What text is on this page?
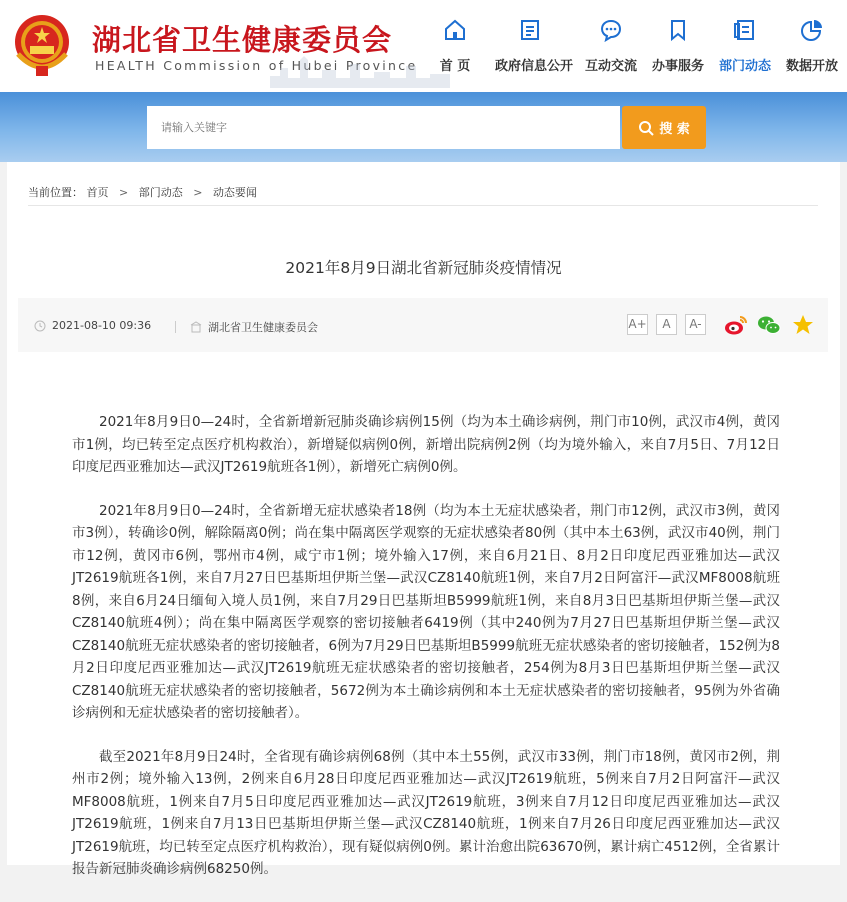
湖北省卫生健康委员会
HEALTH Commission of Hubei Province	首 页	政府信息公开 互动交流	办事服务	部门动态	数据开放
请输入关键字
搜 索
当前位置： 首页 > 部门动态 > 动态要闻
2021年8月9日湖北省新冠肺炎疫情情况
2021-08-10 09:36	湖北省卫生健康委员会	A+	A	A-

2021年8月9日0—24时，全省新增新冠肺炎确诊病例15例（均为本土确诊病例，荆门市10例，武汉市4例，黄冈市1例，均已转至定点医疗机构救治），新增疑似病例0例，新增出院病例2例（均为境外输入，来自7月5日、7月12日印度尼西亚雅加达—武汉JT2619航班各1例），新增死亡病例0例。

2021年8月9日0—24时，全省新增无症状感染者18例（均为本土无症状感染者，荆门市12例，武汉市3例，黄冈市3例），转确诊0例，解除隔离0例；尚在集中隔离医学观察的无症状感染者80例（其中本土63例，武汉市40例，荆门市12例，黄冈市6例，鄂州市4例，咸宁市1例；境外输入17例，来自6月21日、8月2日印度尼西亚雅加达—武汉JT2619航班各1例，来自7月27日巴基斯坦伊斯兰堡—武汉CZ8140航班1例，来自7月2日阿富汗—武汉MF8008航班8例，来自6月24日缅甸入境人员1例，来自7月29日巴基斯坦B5999航班1例，来自8月3日巴基斯坦伊斯兰堡—武汉CZ8140航班4例）；尚在集中隔离医学观察的密切接触者6419例（其中240例为7月27日巴基斯坦伊斯兰堡—武汉CZ8140航班无症状感染者的密切接触者，6例为7月29日巴基斯坦B5999航班无症状感染者的密切接触者，152例为8月2日印度尼西亚雅加达—武汉JT2619航班无症状感染者的密切接触者，254例为8月3日巴基斯坦伊斯兰堡—武汉CZ8140航班无症状感染者的密切接触者，5672例为本土确诊病例和本土无症状感染者的密切接触者，95例为外省确诊病例和无症状感染者的密切接触者）。

截至2021年8月9日24时，全省现有确诊病例68例（其中本土55例，武汉市33例，荆门市18例，黄冈市2例，荆州市2例；境外输入13例，2例来自6月28日印度尼西亚雅加达—武汉JT2619航班，5例来自7月2日阿富汗—武汉MF8008航班，1例来自7月5日印度尼西亚雅加达—武汉JT2619航班，3例来自7月12日印度尼西亚雅加达—武汉JT2619航班，1例来自7月13日巴基斯坦伊斯兰堡—武汉CZ8140航班，1例来自7月26日印度尼西亚雅加达—武汉JT2619航班，均已转至定点医疗机构救治），现有疑似病例0例。累计治愈出院63670例，累计病亡4512例，全省累计报告新冠肺炎确诊病例68250例。
